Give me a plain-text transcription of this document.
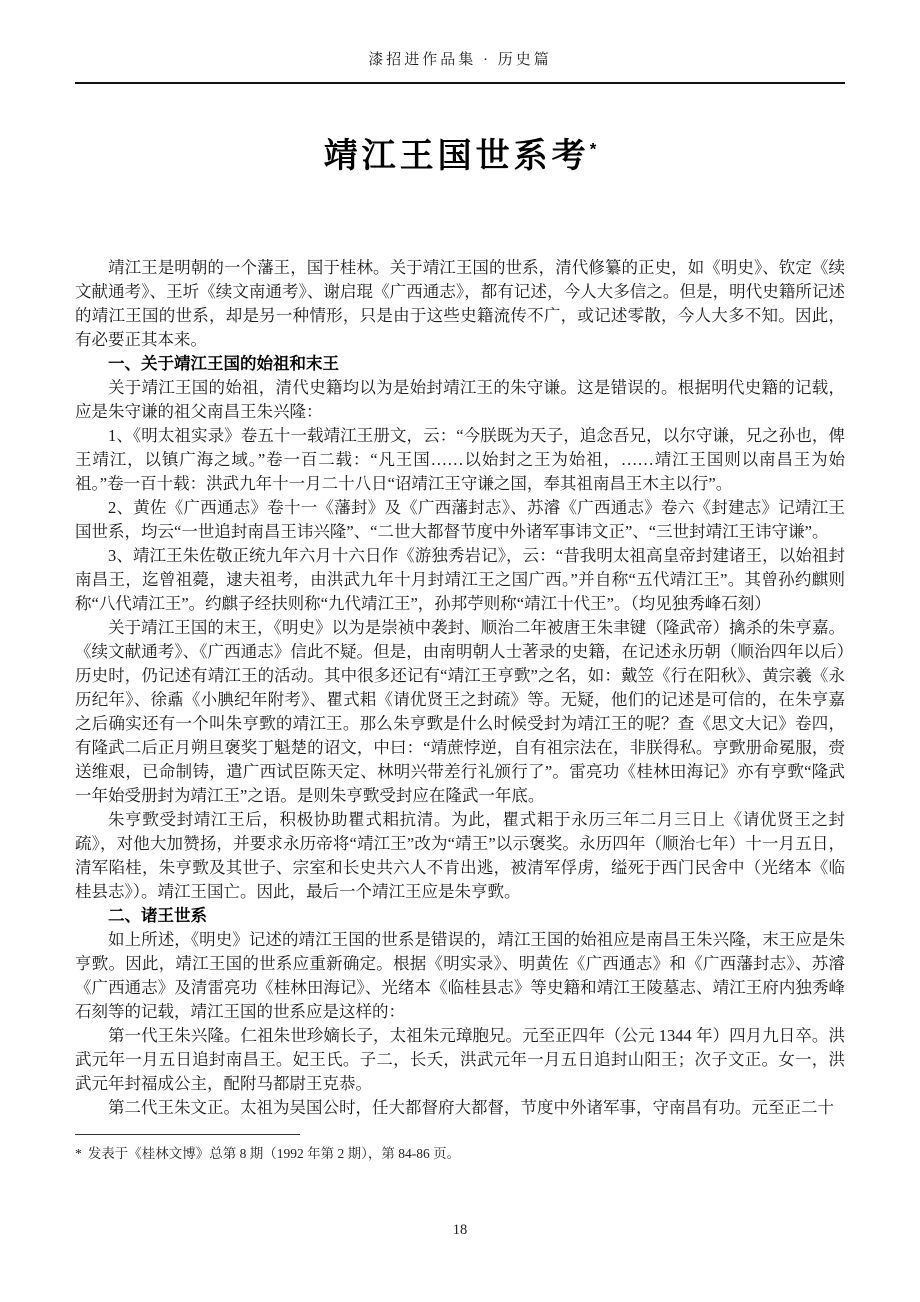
漆招进作品集 · 历史篇
靖江王国世系考*

靖江王是明朝的一个藩王，国于桂林。关于靖江王国的世系，清代修纂的正史，如《明史》、钦定《续文献通考》、王圻《续文南通考》、谢启琨《广西通志》，都有记述，今人大多信之。但是，明代史籍所记述的靖江王国的世系，却是另一种情形，只是由于这些史籍流传不广，或记述零散，今人大多不知。因此，有必要正其本来。

一、关于靖江王国的始祖和末王

关于靖江王国的始祖，清代史籍均以为是始封靖江王的朱守谦。这是错误的。根据明代史籍的记载，应是朱守谦的祖父南昌王朱兴隆：

1、《明太祖实录》卷五十一载靖江王册文，云：“今朕既为天子，追念吾兄，以尔守谦，兄之孙也，俾王靖江，以镇广海之域。”卷一百二载：“凡王国……以始封之王为始祖，……靖江王国则以南昌王为始祖。”卷一百十载：洪武九年十一月二十八日“诏靖江王守谦之国，奉其祖南昌王木主以行”。

2、黄佐《广西通志》卷十一《藩封》及《广西藩封志》、苏濬《广西通志》卷六《封建志》记靖江王国世系，均云“一世追封南昌王讳兴隆”、“二世大都督节度中外诸军事讳文正”、“三世封靖江王讳守谦”。

3、靖江王朱佐敬正统九年六月十六日作《游独秀岩记》，云：“昔我明太祖高皇帝封建诸王，以始祖封南昌王，迄曾祖薨，逮夫祖考，由洪武九年十月封靖江王之国广西。”并自称“五代靖江王”。其曾孙约麒则称“八代靖江王”。约麒子经扶则称“九代靖江王”，孙邦苧则称“靖江十代王”。（均见独秀峰石刻）

关于靖江王国的末王，《明史》以为是崇祯中袭封、顺治二年被唐王朱聿键（隆武帝）擒杀的朱亨嘉。《续文献通考》、《广西通志》信此不疑。但是，由南明朝人士著录的史籍，在记述永历朝（顺治四年以后）历史时，仍记述有靖江王的活动。其中很多还记有“靖江王亨歅”之名，如：戴笠《行在阳秋》、黄宗羲《永历纪年》、徐鼒《小腆纪年附考》、瞿式耜《请优贤王之封疏》等。无疑，他们的记述是可信的，在朱亨嘉之后确实还有一个叫朱亨歅的靖江王。那么朱亨歅是什么时候受封为靖江王的呢？查《思文大记》卷四，有隆武二后正月朔旦褒奖丁魁楚的诏文，中曰：“靖蔗悖逆，自有祖宗法在，非朕得私。亨歅册命冕服，赍送维艰，已命制铸，遣广西试臣陈天定、林明兴带差行礼颁行了”。雷亮功《桂林田海记》亦有亨歅“隆武一年始受册封为靖江王”之语。是则朱亨歅受封应在隆武一年底。

朱亨歅受封靖江王后，积极协助瞿式耜抗清。为此，瞿式耜于永历三年二月三日上《请优贤王之封疏》，对他大加赞扬，并要求永历帝将“靖江王”改为“靖王”以示褒奖。永历四年（顺治七年）十一月五日，清军陷桂，朱亨歅及其世子、宗室和长史共六人不肯出逃，被清军俘虏，缢死于西门民舍中（光绪本《临桂县志》）。靖江王国亡。因此，最后一个靖江王应是朱亨歅。

二、诸王世系

如上所述，《明史》记述的靖江王国的世系是错误的，靖江王国的始祖应是南昌王朱兴隆，末王应是朱亨歅。因此，靖江王国的世系应重新确定。根据《明实录》、明黄佐《广西通志》和《广西藩封志》、苏濬《广西通志》及清雷亮功《桂林田海记》、光绪本《临桂县志》等史籍和靖江王陵墓志、靖江王府内独秀峰石刻等的记载，靖江王国的世系应是这样的：

第一代王朱兴隆。仁祖朱世珍嫡长子，太祖朱元璋胞兄。元至正四年（公元 1344 年）四月九日卒。洪武元年一月五日追封南昌王。妃王氏。子二，长夭，洪武元年一月五日追封山阳王；次子文正。女一，洪武元年封福成公主，配附马都尉王克恭。

第二代王朱文正。太祖为吴国公时，任大都督府大都督，节度中外诸军事，守南昌有功。元至正二十

* 发表于《桂林文博》总第 8 期（1992 年第 2 期），第 84-86 页。

18
